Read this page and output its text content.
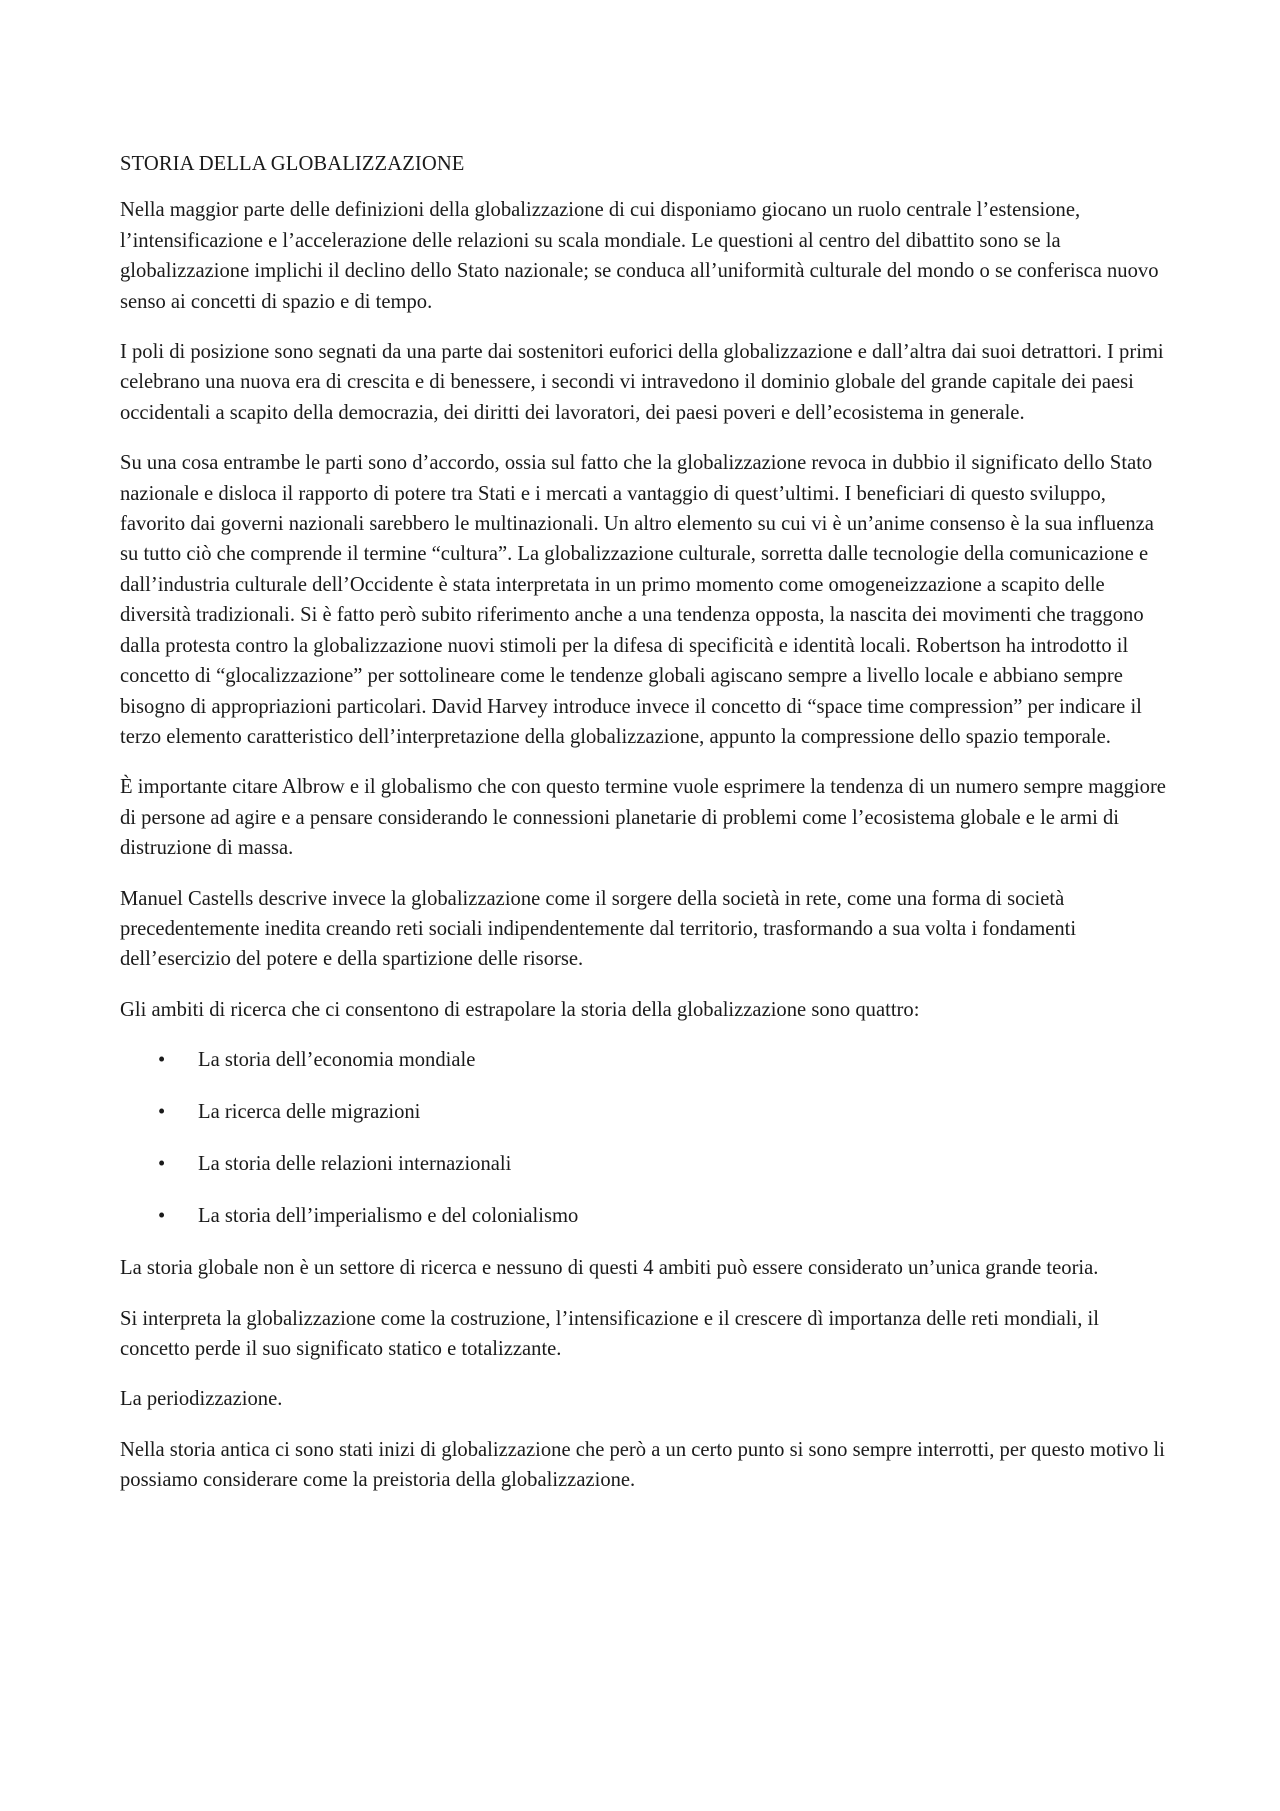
STORIA DELLA GLOBALIZZAZIONE

Nella maggior parte delle definizioni della globalizzazione di cui disponiamo giocano un ruolo centrale l’estensione, l’intensificazione e l’accelerazione delle relazioni su scala mondiale. Le questioni al centro del dibattito sono se la globalizzazione implichi il declino dello Stato nazionale; se conduca all’uniformità culturale del mondo o se conferisca nuovo senso ai concetti di spazio e di tempo.

I poli di posizione sono segnati da una parte dai sostenitori euforici della globalizzazione e dall’altra dai suoi detrattori. I primi celebrano una nuova era di crescita e di benessere, i secondi vi intravedono il dominio globale del grande capitale dei paesi occidentali a scapito della democrazia, dei diritti dei lavoratori, dei paesi poveri e dell’ecosistema in generale.

Su una cosa entrambe le parti sono d’accordo, ossia sul fatto che la globalizzazione revoca in dubbio il significato dello Stato nazionale e disloca il rapporto di potere tra Stati e i mercati a vantaggio di quest’ultimi. I beneficiari di questo sviluppo, favorito dai governi nazionali sarebbero le multinazionali. Un altro elemento su cui vi è un’anime consenso è la sua influenza su tutto ciò che comprende il termine “cultura”. La globalizzazione culturale, sorretta dalle tecnologie della comunicazione e dall’industria culturale dell’Occidente è stata interpretata in un primo momento come omogeneizzazione a scapito delle diversità tradizionali. Si è fatto però subito riferimento anche a una tendenza opposta, la nascita dei movimenti che traggono dalla protesta contro la globalizzazione nuovi stimoli per la difesa di specificità e identità locali. Robertson ha introdotto il concetto di “glocalizzazione” per sottolineare come le tendenze globali agiscano sempre a livello locale e abbiano sempre bisogno di appropriazioni particolari. David Harvey introduce invece il concetto di “space time compression” per indicare il terzo elemento caratteristico dell’interpretazione della globalizzazione, appunto la compressione dello spazio temporale.

È importante citare Albrow e il globalismo che con questo termine vuole esprimere la tendenza di un numero sempre maggiore di persone ad agire e a pensare considerando le connessioni planetarie di problemi come l’ecosistema globale e le armi di distruzione di massa.

Manuel Castells descrive invece la globalizzazione come il sorgere della società in rete, come una forma di società precedentemente inedita creando reti sociali indipendentemente dal territorio, trasformando a sua volta i fondamenti dell’esercizio del potere e della spartizione delle risorse.

Gli ambiti di ricerca che ci consentono di estrapolare la storia della globalizzazione sono quattro:

• La storia dell’economia mondiale
• La ricerca delle migrazioni
• La storia delle relazioni internazionali
• La storia dell’imperialismo e del colonialismo

La storia globale non è un settore di ricerca e nessuno di questi 4 ambiti può essere considerato un’unica grande teoria.

Si interpreta la globalizzazione come la costruzione, l’intensificazione e il crescere dì importanza delle reti mondiali, il concetto perde il suo significato statico e totalizzante.

La periodizzazione.

Nella storia antica ci sono stati inizi di globalizzazione che però a un certo punto si sono sempre interrotti, per questo motivo li possiamo considerare come la preistoria della globalizzazione.
